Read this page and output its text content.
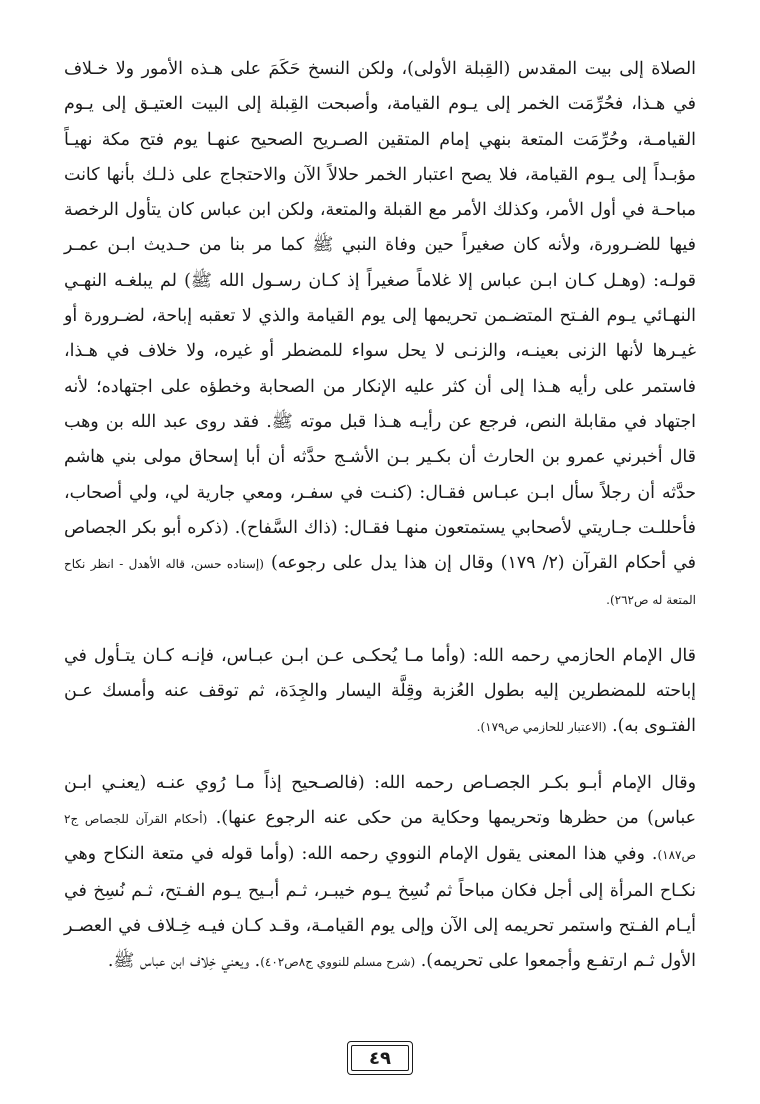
الصلاة إلى بيت المقدس (القِبلة الأولى)، ولكن النسخ حَكَمَ على هـذه الأمور ولا خـلاف في هـذا، فحُرِّمَت الخمر إلى يـوم القيامة، وأصبحت القِبلة إلى البيت العتيـق إلى يـوم القيامـة، وحُرِّمَت المتعة بنهي إمام المتقين الصـريح الصحيح عنهـا يوم فتح مكة نهيـاً مؤبـداً إلى يـوم القيامة، فلا يصح اعتبار الخمر حلالاً الآن والاحتجاج على ذلـك بأنها كانت مباحـة في أول الأمر، وكذلك الأمر مع القبلة والمتعة، ولكن ابن عباس كان يتأول الرخصة فيها للضـرورة، ولأنه كان صغيراً حين وفاة النبي ﷺ كما مر بنا من حـديث ابـن عمـر قولـه: (وهـل كـان ابـن عباس إلا غلاماً صغيراً إذ كـان رسـول الله ﷺ) لم يبلغـه النهـي النهـائي يـوم الفـتح المتضـمن تحريمها إلى يوم القيامة والذي لا تعقبه إباحة، لضـرورة أو غيـرها لأنها الزنى بعينـه، والزنـى لا يحل سواء للمضطر أو غيره، ولا خلاف في هـذا، فاستمر على رأيه هـذا إلى أن كثر عليه الإنكار من الصحابة وخطؤه على اجتهاده؛ لأنه اجتهاد في مقابلة النص، فرجع عن رأيـه هـذا قبل موته ﷺ. فقد روى عبد الله بن وهب قال أخبرني عمرو بن الحارث أن بكـير بـن الأشـج حدَّثه أن أبا إسحاق مولى بني هاشم حدَّثه أن رجلاً سأل ابـن عبـاس فقـال: (كنـت في سفـر، ومعي جارية لي، ولي أصحاب، فأحللـت جـاريتي لأصحابي يستمتعون منهـا فقـال: (ذاك السَّفاح). (ذكره أبو بكر الجصاص في أحكام القرآن (٢/ ١٧٩) وقال إن هذا يدل على رجوعه) (إسناده حسن، قاله الأهدل - انظر نكاح المتعة له ص٢٦٢).

قال الإمام الحازمي رحمه الله: (وأما مـا يُحكـى عـن ابـن عبـاس، فإنـه كـان يتـأول في إباحته للمضطرين إليه بطول العُزبة وقِلَّة اليسار والجِدَة، ثم توقف عنه وأمسك عـن الفتـوى به). (الاعتبار للحازمي ص١٧٩).

وقال الإمام أبـو بكـر الجصـاص رحمه الله: (فالصـحيح إذاً مـا رُوي عنـه (يعنـي ابـن عباس) من حظرها وتحريمها وحكاية من حكى عنه الرجوع عنها). (أحكام القرآن للجصاص ج٢ ص١٨٧). وفي هذا المعنى يقول الإمام النووي رحمه الله: (وأما قوله في متعة النكاح وهي نكـاح المرأة إلى أجل فكان مباحاً ثم نُسِخ يـوم خيبـر، ثـم أبـيح يـوم الفـتح، ثـم نُسِخ في أيـام الفـتح واستمر تحريمه إلى الآن وإلى يوم القيامـة، وقـد كـان فيـه خِـلاف في العصـر الأول ثـم ارتفـع وأجمعوا على تحريمه). (شرح مسلم للنووي ج٨ص٤٠٢). ويعني خِلاف ابن عباس ﷺ.

٤٩
